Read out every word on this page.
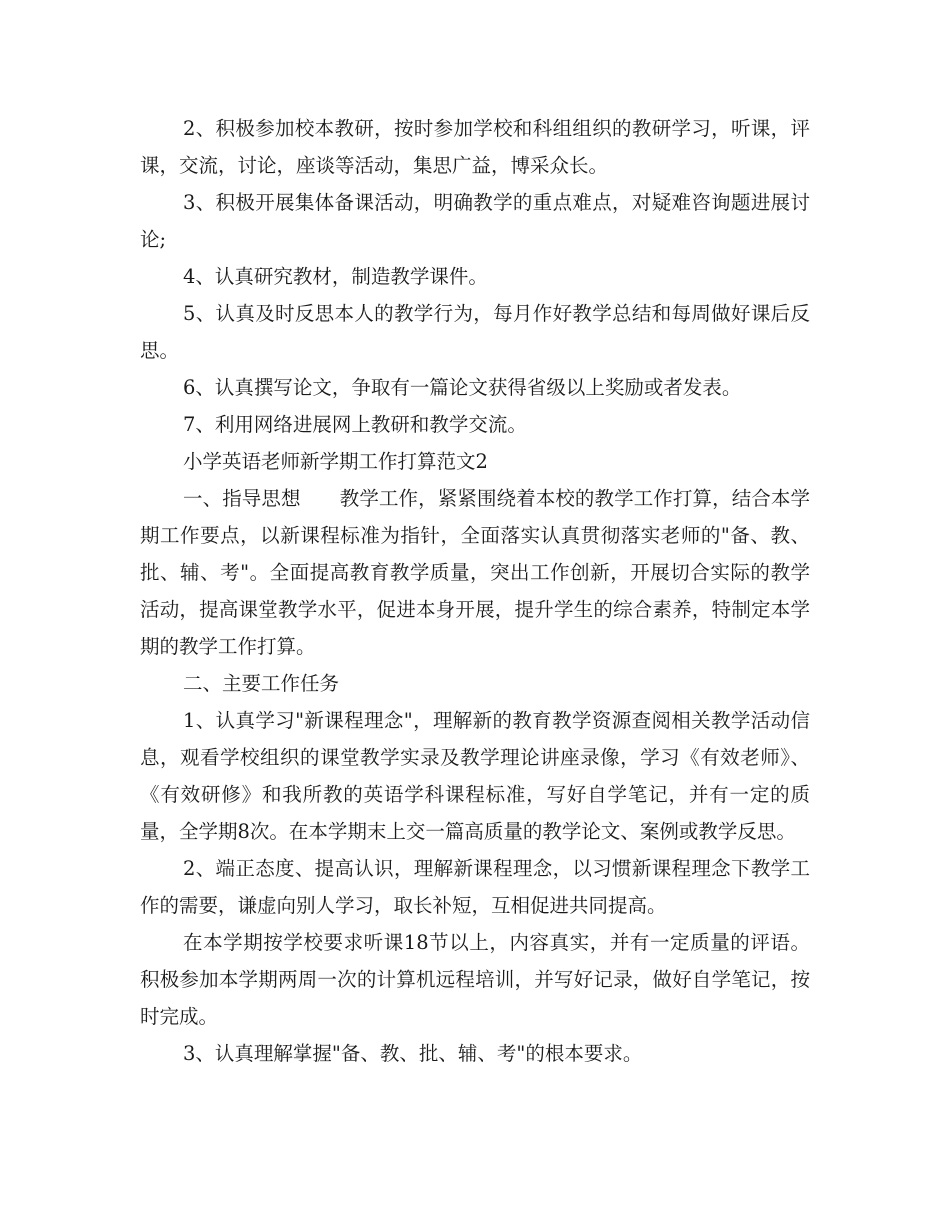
2、积极参加校本教研，按时参加学校和科组组织的教研学习，听课，评课，交流，讨论，座谈等活动，集思广益，博采众长。

3、积极开展集体备课活动，明确教学的重点难点，对疑难咨询题进展讨论;

4、认真研究教材，制造教学课件。

5、认真及时反思本人的教学行为，每月作好教学总结和每周做好课后反思。

6、认真撰写论文，争取有一篇论文获得省级以上奖励或者发表。

7、利用网络进展网上教研和教学交流。

小学英语老师新学期工作打算范文2

一、指导思想　　教学工作，紧紧围绕着本校的教学工作打算，结合本学期工作要点，以新课程标准为指针，全面落实认真贯彻落实老师的"备、教、批、辅、考"。全面提高教育教学质量，突出工作创新，开展切合实际的教学活动，提高课堂教学水平，促进本身开展，提升学生的综合素养，特制定本学期的教学工作打算。

二、主要工作任务

1、认真学习"新课程理念"，理解新的教育教学资源查阅相关教学活动信息，观看学校组织的课堂教学实录及教学理论讲座录像，学习《有效老师》、《有效研修》和我所教的英语学科课程标准，写好自学笔记，并有一定的质量，全学期8次。在本学期末上交一篇高质量的教学论文、案例或教学反思。

2、端正态度、提高认识，理解新课程理念，以习惯新课程理念下教学工作的需要，谦虚向别人学习，取长补短，互相促进共同提高。

在本学期按学校要求听课18节以上，内容真实，并有一定质量的评语。积极参加本学期两周一次的计算机远程培训，并写好记录，做好自学笔记，按时完成。

3、认真理解掌握"备、教、批、辅、考"的根本要求。
